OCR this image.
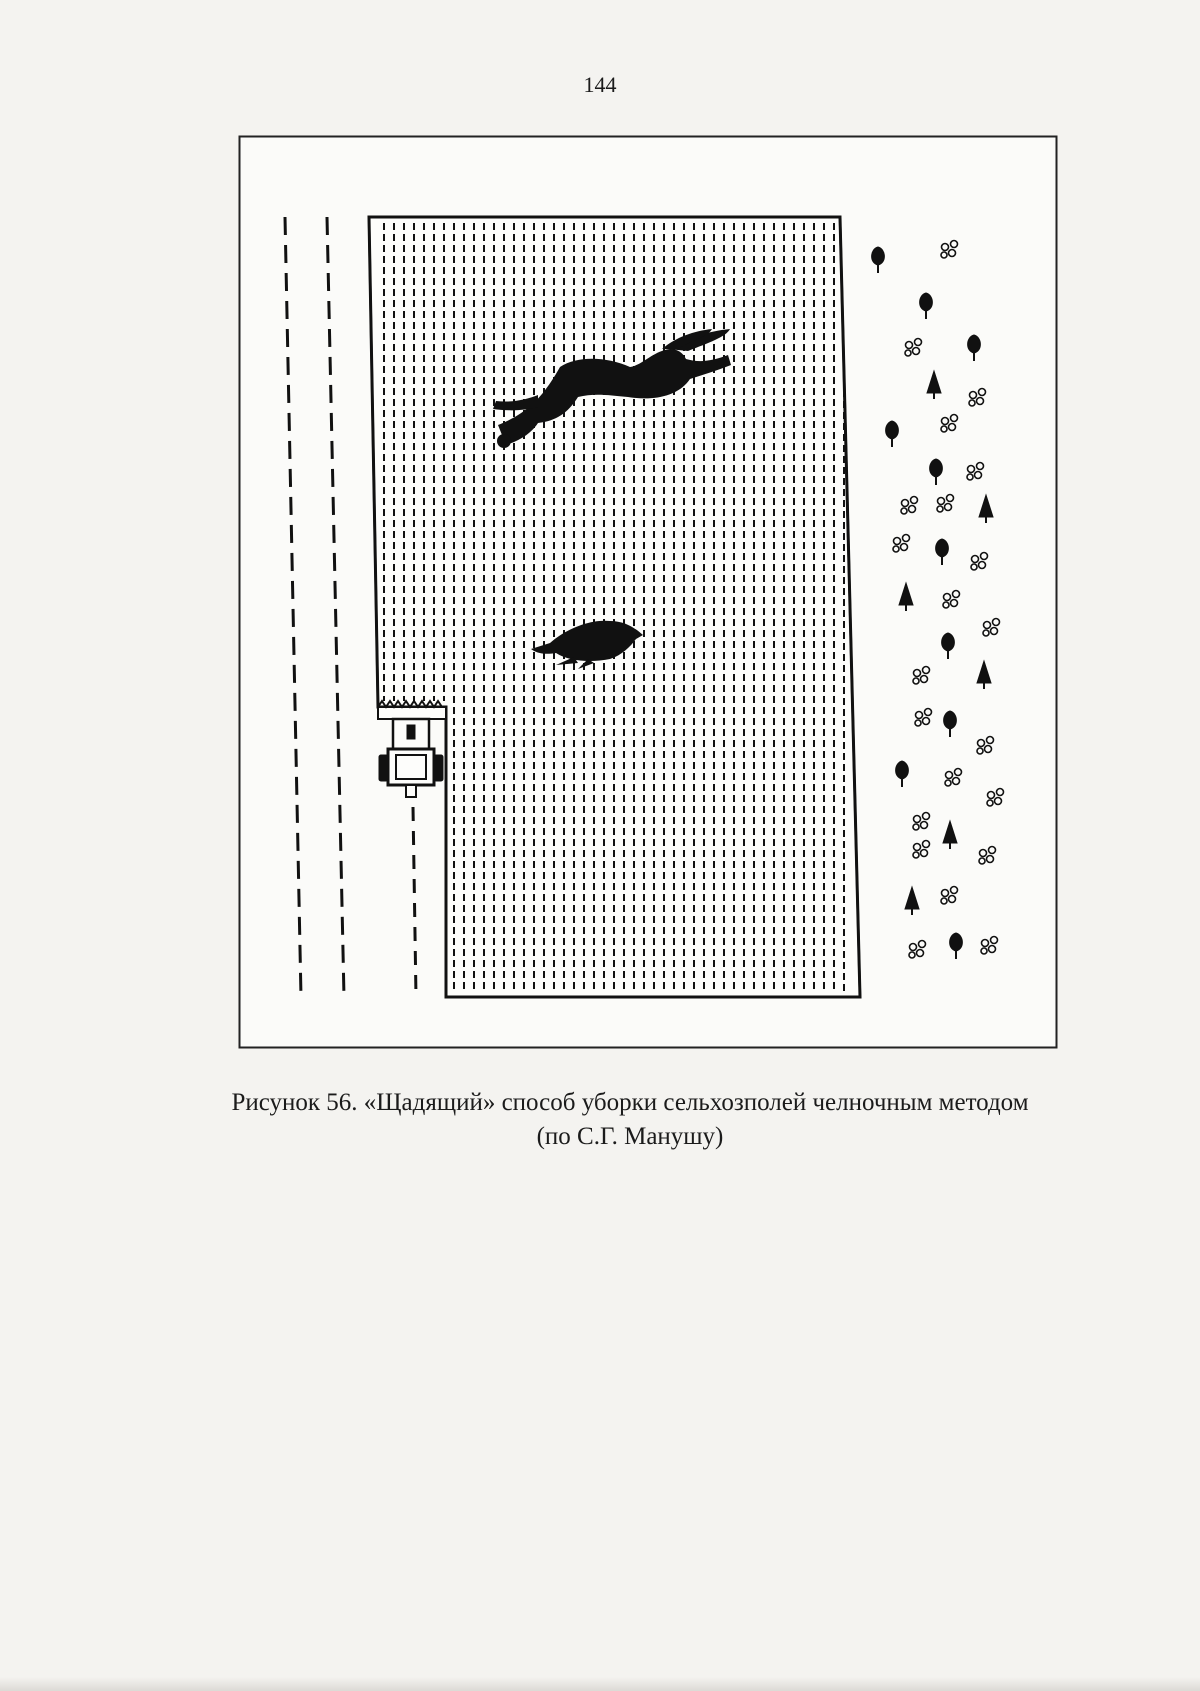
144
Рисунок 56. «Щадящий» способ уборки сельхозполей челночным методом
(по С.Г. Манушу)
